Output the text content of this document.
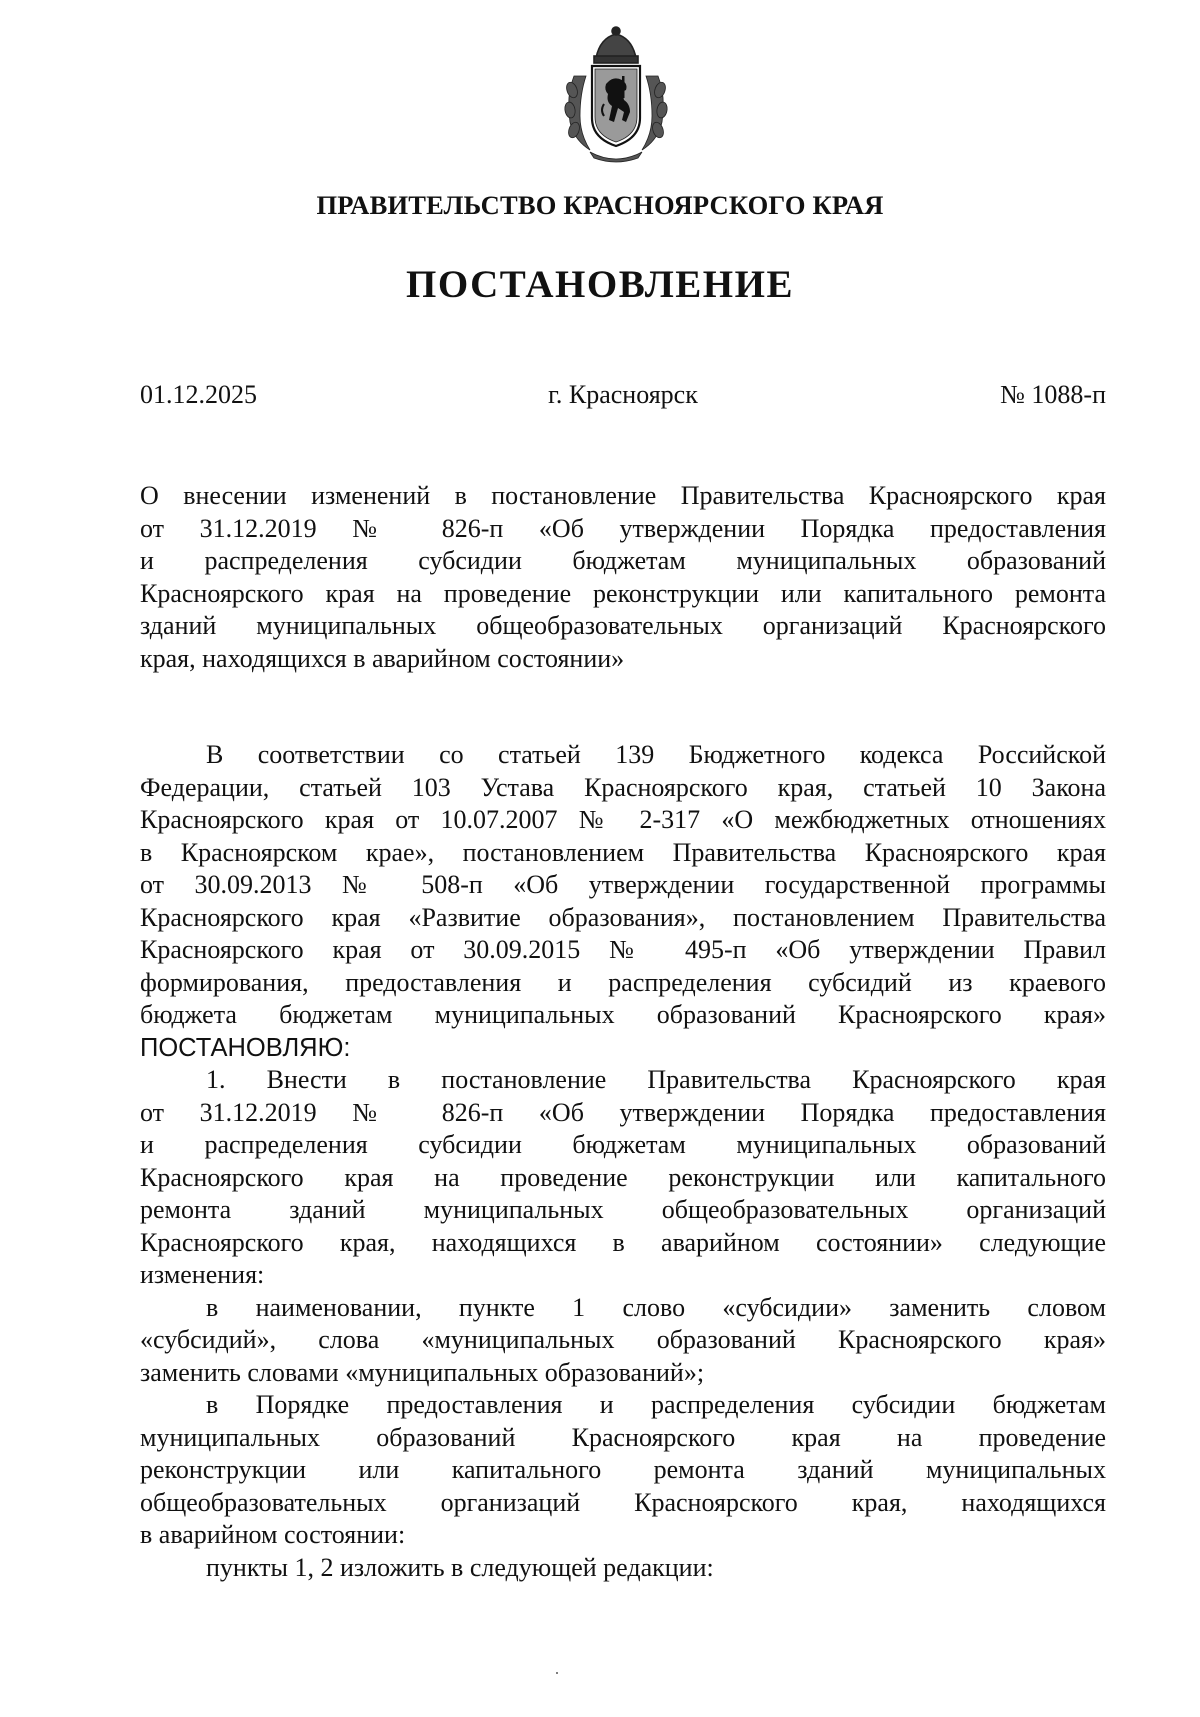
ПРАВИТЕЛЬСТВО КРАСНОЯРСКОГО КРАЯ
ПОСТАНОВЛЕНИЕ
01.12.2025	г. Красноярск	№ 1088-п
О внесении изменений в постановление Правительства Красноярского края
от 31.12.2019 № 826-п «Об утверждении Порядка предоставления
и распределения субсидии бюджетам муниципальных образований
Красноярского края на проведение реконструкции или капитального ремонта
зданий муниципальных общеобразовательных организаций Красноярского
края, находящихся в аварийном состоянии»
В соответствии со статьей 139 Бюджетного кодекса Российской
Федерации, статьей 103 Устава Красноярского края, статьей 10 Закона
Красноярского края от 10.07.2007 № 2-317 «О межбюджетных отношениях
в Красноярском крае», постановлением Правительства Красноярского края
от 30.09.2013 № 508-п «Об утверждении государственной программы
Красноярского края «Развитие образования», постановлением Правительства
Красноярского края от 30.09.2015 № 495-п «Об утверждении Правил
формирования, предоставления и распределения субсидий из краевого
бюджета бюджетам муниципальных образований Красноярского края»
ПОСТАНОВЛЯЮ:
1. Внести в постановление Правительства Красноярского края
от 31.12.2019 № 826-п «Об утверждении Порядка предоставления
и распределения субсидии бюджетам муниципальных образований
Красноярского края на проведение реконструкции или капитального
ремонта зданий муниципальных общеобразовательных организаций
Красноярского края, находящихся в аварийном состоянии» следующие
изменения:
в наименовании, пункте 1 слово «субсидии» заменить словом
«субсидий», слова «муниципальных образований Красноярского края»
заменить словами «муниципальных образований»;
в Порядке предоставления и распределения субсидии бюджетам
муниципальных образований Красноярского края на проведение
реконструкции или капитального ремонта зданий муниципальных
общеобразовательных организаций Красноярского края, находящихся
в аварийном состоянии:
пункты 1, 2 изложить в следующей редакции:
